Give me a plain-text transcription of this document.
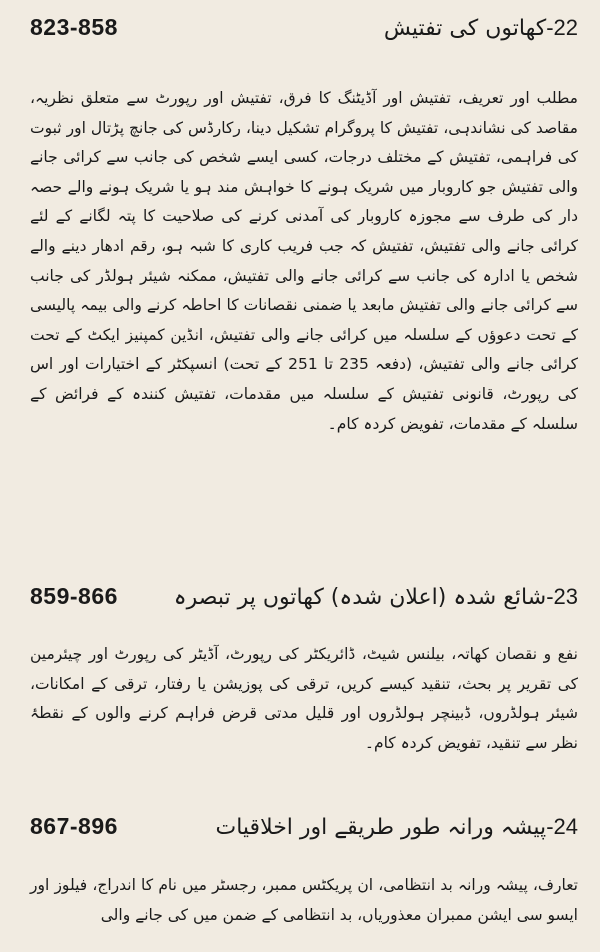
823-858	22-کھاتوں کی تفتیش

مطلب اور تعریف، تفتیش اور آڈیٹنگ کا فرق، تفتیش اور رپورٹ سے متعلق نظریہ، مقاصد کی نشاندہی، تفتیش کا پروگرام تشکیل دینا، رکارڈس کی جانچ پڑتال اور ثبوت کی فراہمی، تفتیش کے مختلف درجات، کسی ایسے شخص کی جانب سے کرائی جانے والی تفتیش جو کاروبار میں شریک ہونے کا خواہش مند ہو یا شریک ہونے والے حصہ دار کی طرف سے مجوزہ کاروبار کی آمدنی کرنے کی صلاحیت کا پتہ لگانے کے لئے کرائی جانے والی تفتیش، تفتیش کہ جب فریب کاری کا شبہ ہو، رقم ادھار دینے والے شخص یا ادارہ کی جانب سے کرائی جانے والی تفتیش، ممکنہ شیئر ہولڈر کی جانب سے کرائی جانے والی تفتیش مابعد یا ضمنی نقصانات کا احاطہ کرنے والی بیمہ پالیسی کے تحت دعوؤں کے سلسلہ میں کرائی جانے والی تفتیش، انڈین کمپنیز ایکٹ کے تحت کرائی جانے والی تفتیش، (دفعہ 235 تا 251 کے تحت) انسپکٹر کے اختیارات اور اس کی رپورٹ، قانونی تفتیش کے سلسلہ میں مقدمات، تفتیش کنندہ کے فرائض کے سلسلہ کے مقدمات، تفویض کردہ کام۔

859-866	23-شائع شدہ (اعلان شدہ) کھاتوں پر تبصرہ

نفع و نقصان کھاتہ، بیلنس شیٹ، ڈائریکٹر کی رپورٹ، آڈیٹر کی رپورٹ اور چیئرمین کی تقریر پر بحث، تنقید کیسے کریں، ترقی کی پوزیشن یا رفتار، ترقی کے امکانات، شیئر ہولڈروں، ڈبینچر ہولڈروں اور قلیل مدتی قرض فراہم کرنے والوں کے نقطۂ نظر سے تنقید، تفویض کردہ کام۔

867-896	24-پیشہ ورانہ طور طریقے اور اخلاقیات

تعارف، پیشہ ورانہ بد انتظامی، ان پریکٹس ممبر، رجسٹر میں نام کا اندراج، فیلوز اور ایسو سی ایشن ممبران معذوریاں، بد انتظامی کے ضمن میں کی جانے والی
